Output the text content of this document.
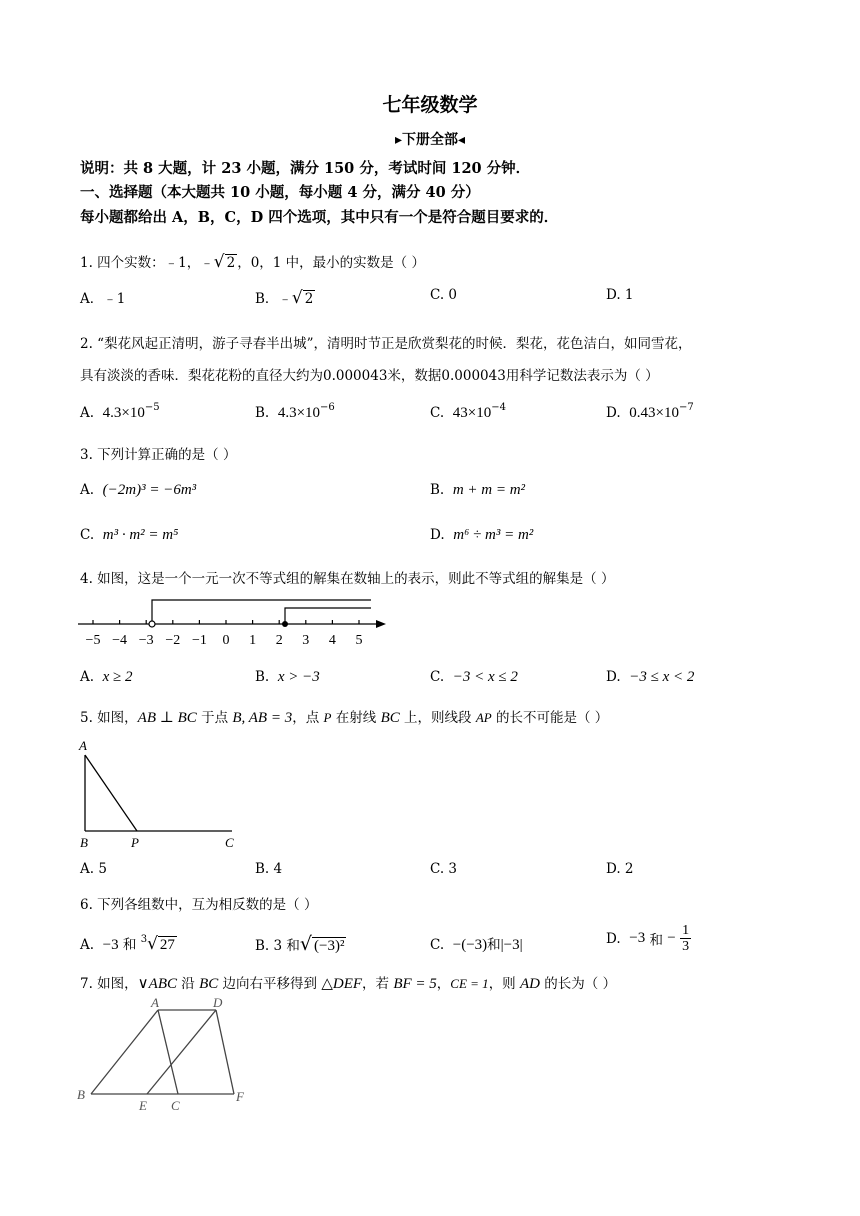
七年级数学
▸下册全部◂
说明：共 8 大题，计 23 小题，满分 150 分，考试时间 120 分钟．
一、选择题（本大题共 10 小题，每小题 4 分，满分 40 分）
每小题都给出 A，B，C，D 四个选项，其中只有一个是符合题目要求的．
1. 四个实数：﹣1，﹣√ 2 ，0，1 中，最小的实数是（ ）
A．﹣1	B．﹣√ 2	C. 0	D. 1
2. “梨花风起正清明，游子寻春半出城”，清明时节正是欣赏梨花的时候．梨花，花色洁白，如同雪花，
具有淡淡的香味．梨花花粉的直径大约为0.000043米，数据0.000043用科学记数法表示为（ ）
A. $4.3\times 10^{-5}$	B. $4.3\times 10^{-6}$	C. $43\times 10^{-4}$	D. $0.43\times 10^{-7}$
3. 下列计算正确的是（ ）
A. (−2m)³ = −6m³	B. m + m = m²
C. m³ · m² = m⁵	D. m⁶ ÷ m³ = m²
4. 如图，这是一个一元一次不等式组的解集在数轴上的表示，则此不等式组的解集是（ ）
−5 −4 −3 −2 −1 0 1 2 3 4 5
A. x ≥ 2	B. x > −3	C. −3 < x ≤ 2	D. −3 ≤ x < 2
5. 如图，AB ⊥ BC 于点 B, AB = 3，点 P 在射线 BC 上，则线段 AP 的长不可能是（ ）
A
B	P	C
A. 5	B. 4	C. 3	D. 2
6. 下列各组数中，互为相反数的是（ ）
A. −3 和 $^3$√ 27	B. 3 和√ (−3)²	C. −(−3)和|−3|	D. −3 和 − $\frac{1}{3}$
7. 如图，∨ABC 沿 BC 边向右平移得到 △DEF，若 BF = 5，CE = 1，则 AD 的长为（ ）
A	D
B
E C
F
